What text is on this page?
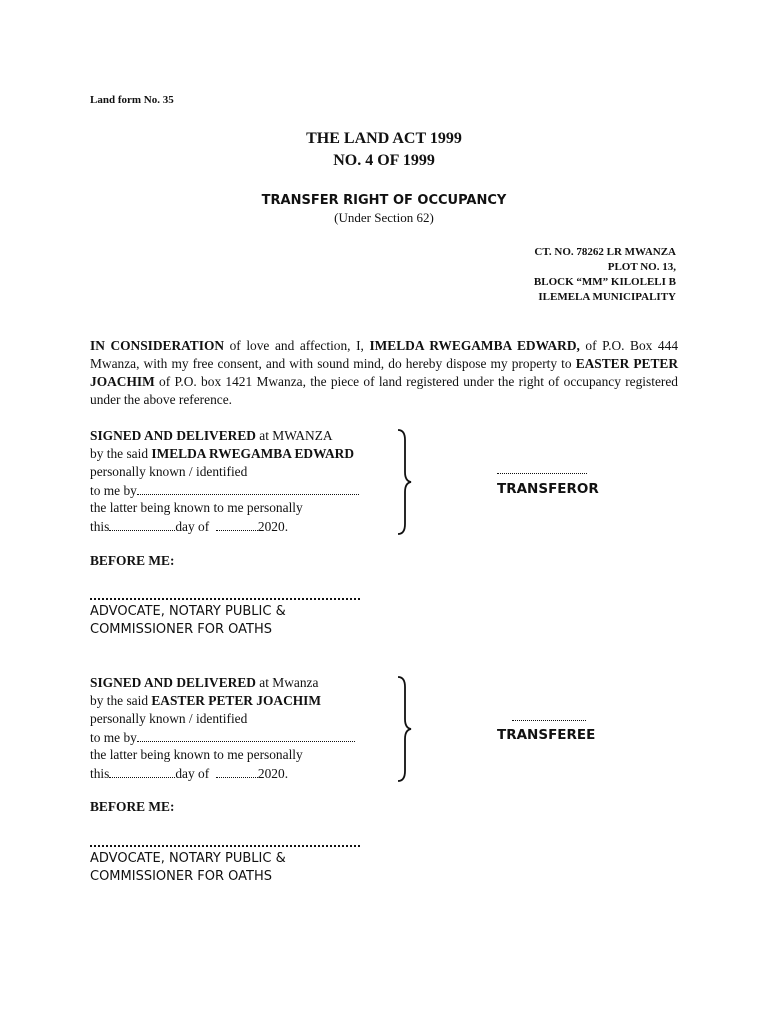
Land form No. 35
THE LAND ACT 1999
NO. 4 OF 1999
TRANSFER RIGHT OF OCCUPANCY
(Under Section 62)
CT. NO. 78262 LR MWANZA
PLOT NO. 13,
BLOCK “MM” KILOLELI B
ILEMELA MUNICIPALITY
IN CONSIDERATION of love and affection, I, IMELDA RWEGAMBA EDWARD, of P.O. Box 444 Mwanza, with my free consent, and with sound mind, do hereby dispose my property to EASTER PETER JOACHIM of P.O. box 1421 Mwanza, the piece of land registered under the right of occupancy registered under the above reference.
SIGNED AND DELIVERED at MWANZA
by the said IMELDA RWEGAMBA EDWARD
personally known / identified
to me by
the latter being known to me personally
this	day of	2020.
TRANSFEROR
BEFORE ME:
ADVOCATE, NOTARY PUBLIC &
COMMISSIONER FOR OATHS
SIGNED AND DELIVERED at Mwanza
by the said EASTER PETER JOACHIM
personally known / identified
to me by
the latter being known to me personally
this	day of	2020.
TRANSFEREE
BEFORE ME:
ADVOCATE, NOTARY PUBLIC &
COMMISSIONER FOR OATHS
